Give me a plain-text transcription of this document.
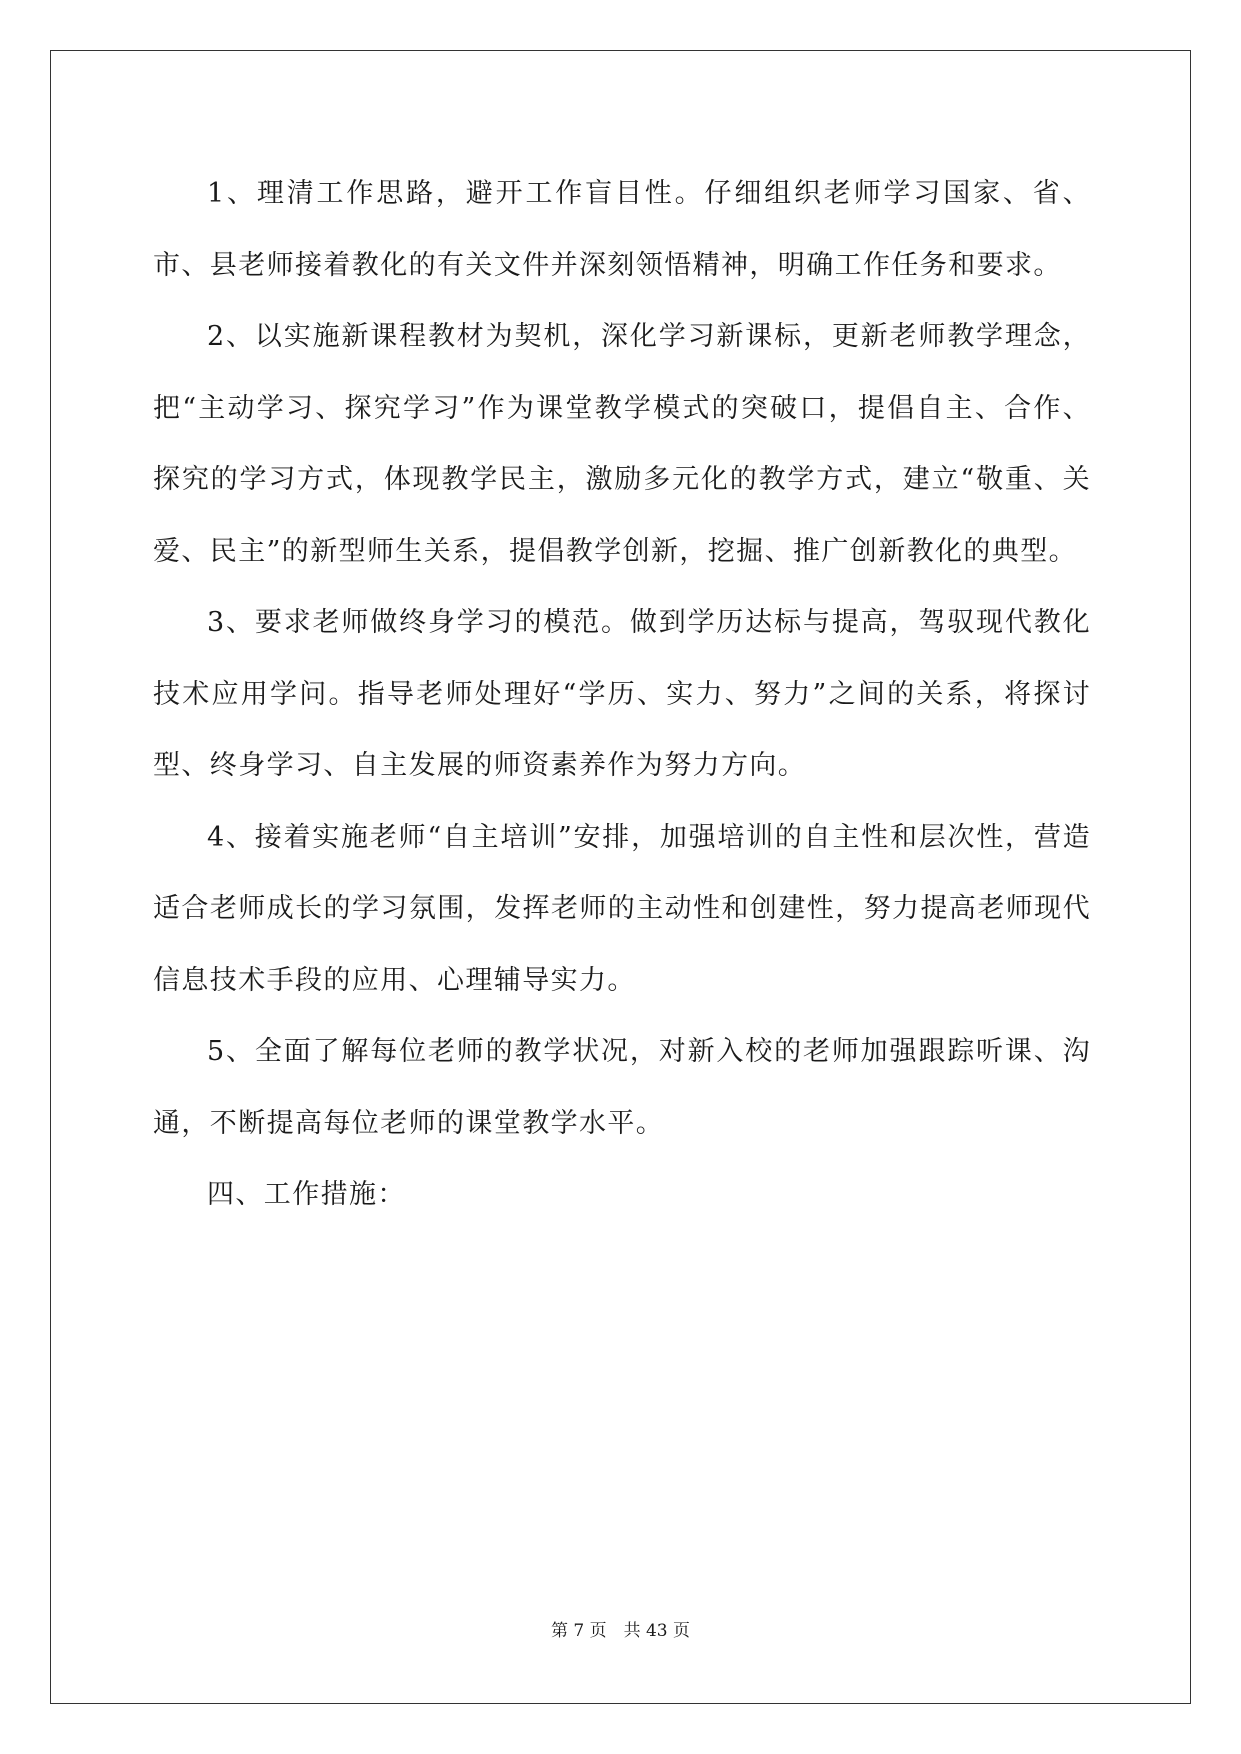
1、理清工作思路，避开工作盲目性。仔细组织老师学习国家、省、市、县老师接着教化的有关文件并深刻领悟精神，明确工作任务和要求。

2、以实施新课程教材为契机，深化学习新课标，更新老师教学理念，把“主动学习、探究学习”作为课堂教学模式的突破口，提倡自主、合作、探究的学习方式，体现教学民主，激励多元化的教学方式，建立“敬重、关爱、民主”的新型师生关系，提倡教学创新，挖掘、推广创新教化的典型。

3、要求老师做终身学习的模范。做到学历达标与提高，驾驭现代教化技术应用学问。指导老师处理好“学历、实力、努力”之间的关系，将探讨型、终身学习、自主发展的师资素养作为努力方向。

4、接着实施老师“自主培训”安排，加强培训的自主性和层次性，营造适合老师成长的学习氛围，发挥老师的主动性和创建性，努力提高老师现代信息技术手段的应用、心理辅导实力。

5、全面了解每位老师的教学状况，对新入校的老师加强跟踪听课、沟通，不断提高每位老师的课堂教学水平。

四、工作措施：

第 7 页　共 43 页
